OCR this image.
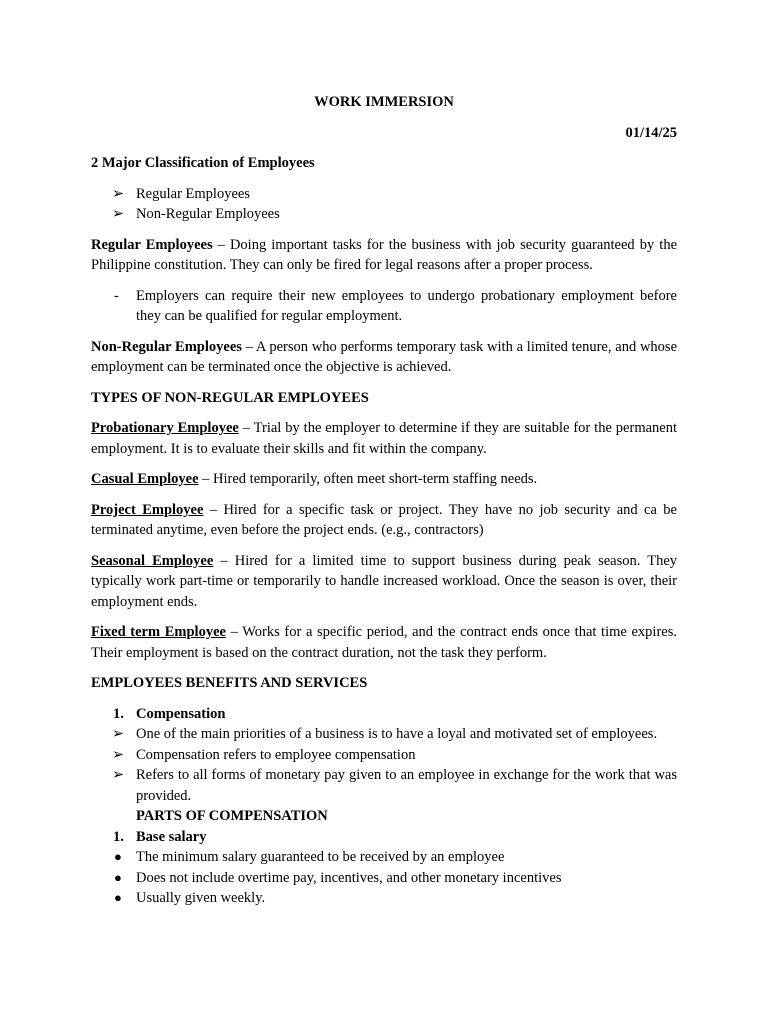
WORK IMMERSION
01/14/25
2 Major Classification of Employees
➢ Regular Employees
➢ Non-Regular Employees

Regular Employees – Doing important tasks for the business with job security guaranteed by the Philippine constitution. They can only be fired for legal reasons after a proper process.

- Employers can require their new employees to undergo probationary employment before they can be qualified for regular employment.

Non-Regular Employees – A person who performs temporary task with a limited tenure, and whose employment can be terminated once the objective is achieved.

TYPES OF NON-REGULAR EMPLOYEES

Probationary Employee – Trial by the employer to determine if they are suitable for the permanent employment. It is to evaluate their skills and fit within the company.

Casual Employee – Hired temporarily, often meet short-term staffing needs.

Project Employee – Hired for a specific task or project. They have no job security and ca be terminated anytime, even before the project ends. (e.g., contractors)

Seasonal Employee – Hired for a limited time to support business during peak season. They typically work part-time or temporarily to handle increased workload. Once the season is over, their employment ends.

Fixed term Employee – Works for a specific period, and the contract ends once that time expires. Their employment is based on the contract duration, not the task they perform.

EMPLOYEES BENEFITS AND SERVICES
1. Compensation
➢ One of the main priorities of a business is to have a loyal and motivated set of employees.
➢ Compensation refers to employee compensation
➢ Refers to all forms of monetary pay given to an employee in exchange for the work that was provided.
PARTS OF COMPENSATION
1. Base salary
● The minimum salary guaranteed to be received by an employee
● Does not include overtime pay, incentives, and other monetary incentives
● Usually given weekly.
